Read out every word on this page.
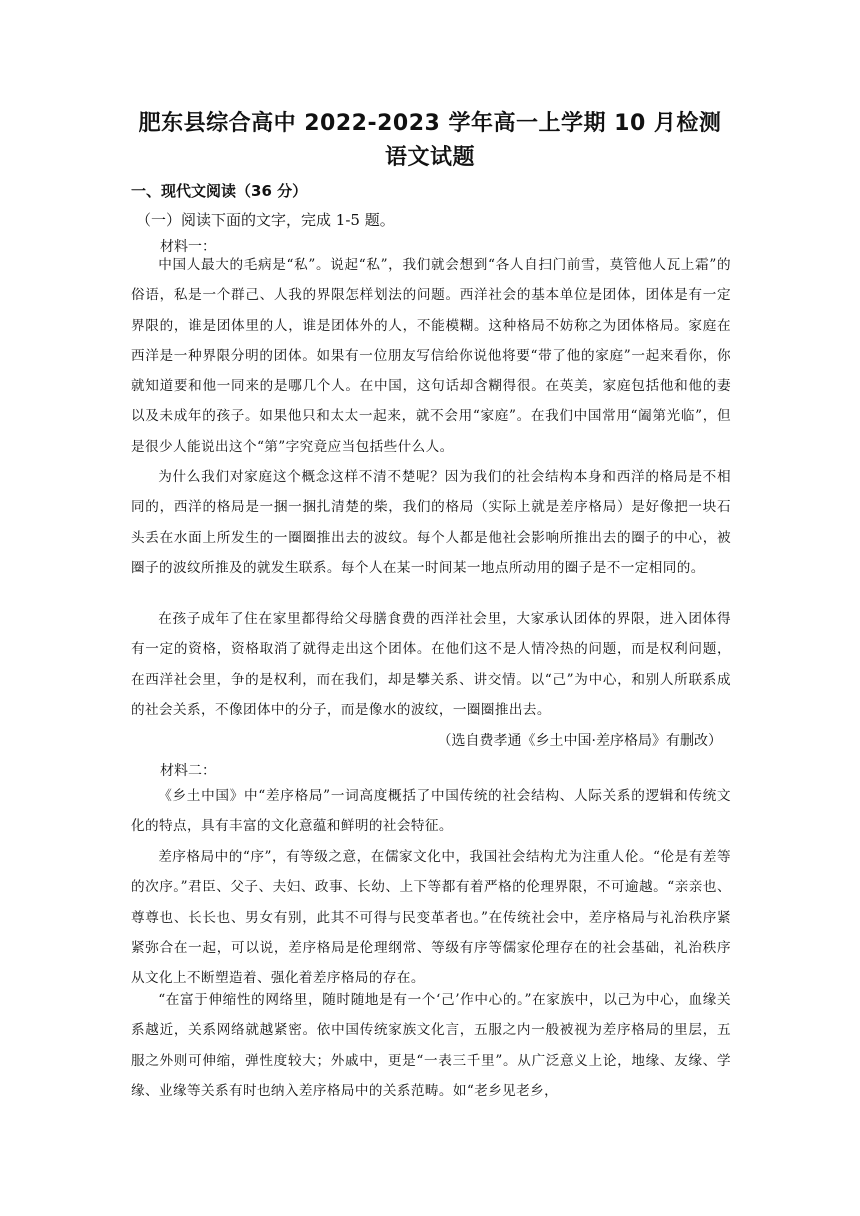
肥东县综合高中 2022-2023 学年高一上学期 10 月检测
语文试题
一、现代文阅读（36 分）
（一）阅读下面的文字，完成 1-5 题。
材料一：
中国人最大的毛病是“私”。说起“私”，我们就会想到“各人自扫门前雪，莫管他人瓦上霜”的俗语，私是一个群己、人我的界限怎样划法的问题。西洋社会的基本单位是团体，团体是有一定界限的，谁是团体里的人，谁是团体外的人，不能模糊。这种格局不妨称之为团体格局。家庭在西洋是一种界限分明的团体。如果有一位朋友写信给你说他将要“带了他的家庭”一起来看你，你就知道要和他一同来的是哪几个人。在中国，这句话却含糊得很。在英美，家庭包括他和他的妻以及未成年的孩子。如果他只和太太一起来，就不会用“家庭”。在我们中国常用“阖第光临”，但是很少人能说出这个“第”字究竟应当包括些什么人。
为什么我们对家庭这个概念这样不清不楚呢？因为我们的社会结构本身和西洋的格局是不相同的，西洋的格局是一捆一捆扎清楚的柴，我们的格局（实际上就是差序格局）是好像把一块石头丢在水面上所发生的一圈圈推出去的波纹。每个人都是他社会影响所推出去的圈子的中心，被圈子的波纹所推及的就发生联系。每个人在某一时间某一地点所动用的圈子是不一定相同的。
在孩子成年了住在家里都得给父母膳食费的西洋社会里，大家承认团体的界限，进入团体得有一定的资格，资格取消了就得走出这个团体。在他们这不是人情冷热的问题，而是权利问题，在西洋社会里，争的是权利，而在我们，却是攀关系、讲交情。以“己”为中心，和别人所联系成的社会关系，不像团体中的分子，而是像水的波纹，一圈圈推出去。
（选自费孝通《乡土中国·差序格局》有删改）
材料二：
《乡土中国》中“差序格局”一词高度概括了中国传统的社会结构、人际关系的逻辑和传统文化的特点，具有丰富的文化意蕴和鲜明的社会特征。
差序格局中的“序”，有等级之意，在儒家文化中，我国社会结构尤为注重人伦。“伦是有差等的次序。”君臣、父子、夫妇、政事、长幼、上下等都有着严格的伦理界限，不可逾越。“亲亲也、尊尊也、长长也、男女有别，此其不可得与民变革者也。”在传统社会中，差序格局与礼治秩序紧紧弥合在一起，可以说，差序格局是伦理纲常、等级有序等儒家伦理存在的社会基础，礼治秩序从文化上不断塑造着、强化着差序格局的存在。
“在富于伸缩性的网络里，随时随地是有一个‘己’作中心的。”在家族中，以己为中心，血缘关系越近，关系网络就越紧密。依中国传统家族文化言，五服之内一般被视为差序格局的里层，五服之外则可伸缩，弹性度较大；外戚中，更是“一表三千里”。从广泛意义上论，地缘、友缘、学缘、业缘等关系有时也纳入差序格局中的关系范畴。如“老乡见老乡，
